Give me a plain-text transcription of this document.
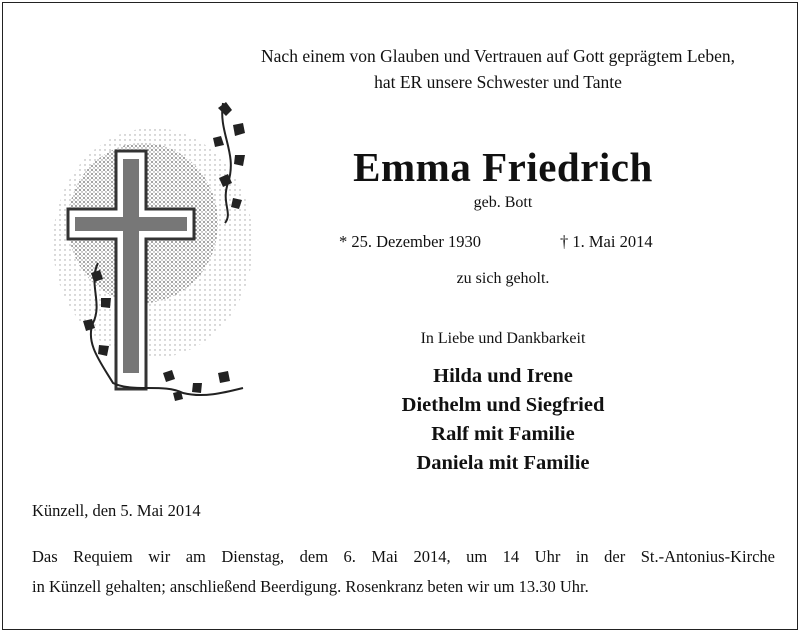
Nach einem von Glauben und Vertrauen auf Gott geprägtem Leben,
hat ER unsere Schwester und Tante
Emma Friedrich
geb. Bott
* 25. Dezember 1930	† 1. Mai 2014
zu sich geholt.
In Liebe und Dankbarkeit
Hilda und Irene
Diethelm und Siegfried
Ralf mit Familie
Daniela mit Familie
Künzell, den 5. Mai 2014
Das Requiem wir am Dienstag, dem 6. Mai 2014, um 14 Uhr in der St.-Antonius-Kirche
in Künzell gehalten; anschließend Beerdigung. Rosenkranz beten wir um 13.30 Uhr.
